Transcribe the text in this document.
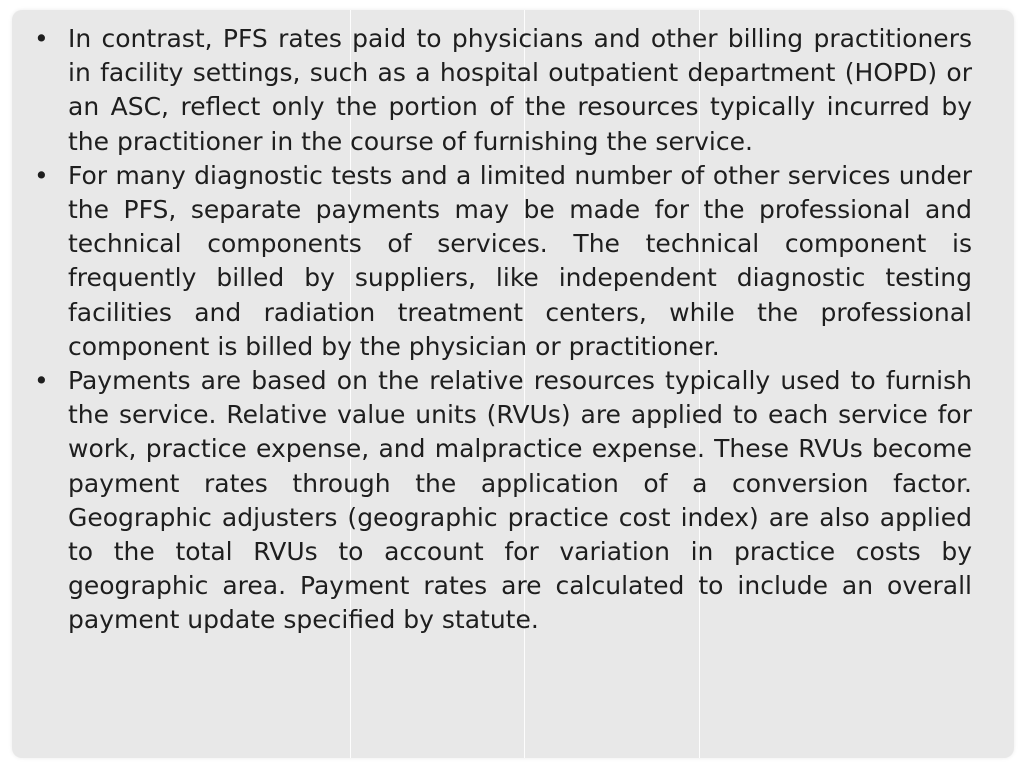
• In contrast, PFS rates paid to physicians and other billing practitioners in facility settings, such as a hospital outpatient department (HOPD) or an ASC, reflect only the portion of the resources typically incurred by the practitioner in the course of furnishing the service.
• For many diagnostic tests and a limited number of other services under the PFS, separate payments may be made for the professional and technical components of services. The technical component is frequently billed by suppliers, like independent diagnostic testing facilities and radiation treatment centers, while the professional component is billed by the physician or practitioner.
• Payments are based on the relative resources typically used to furnish the service. Relative value units (RVUs) are applied to each service for work, practice expense, and malpractice expense. These RVUs become payment rates through the application of a conversion factor. Geographic adjusters (geographic practice cost index) are also applied to the total RVUs to account for variation in practice costs by geographic area. Payment rates are calculated to include an overall payment update specified by statute.
